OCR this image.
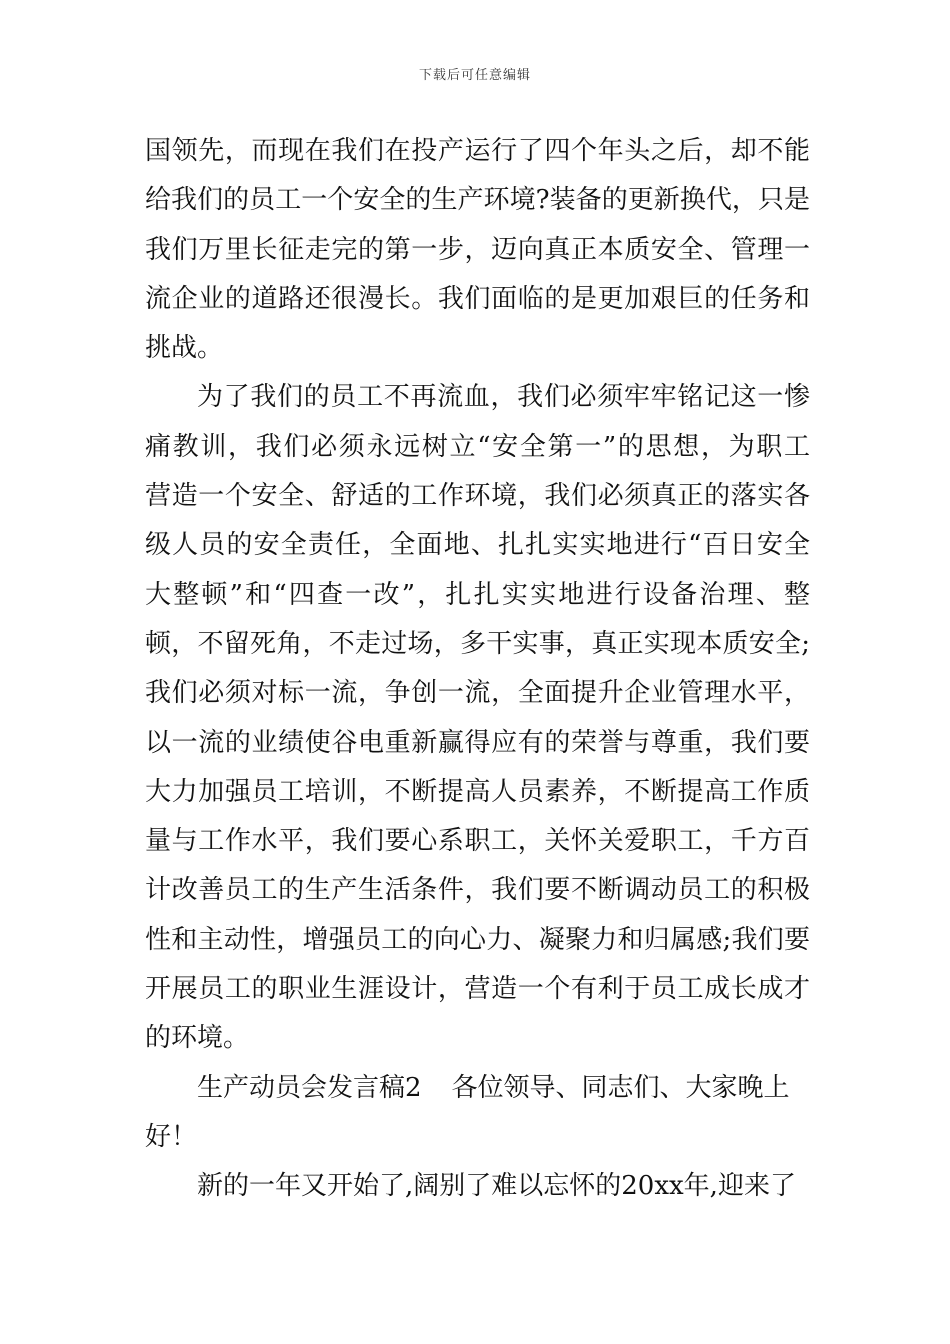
下载后可任意编辑
国领先，而现在我们在投产运行了四个年头之后，却不能
给我们的员工一个安全的生产环境?装备的更新换代，只是
我们万里长征走完的第一步，迈向真正本质安全、管理一
流企业的道路还很漫长。我们面临的是更加艰巨的任务和
挑战。
为了我们的员工不再流血，我们必须牢牢铭记这一惨
痛教训，我们必须永远树立“安全第一”的思想，为职工
营造一个安全、舒适的工作环境，我们必须真正的落实各
级人员的安全责任，全面地、扎扎实实地进行“百日安全
大整顿”和“四查一改”，扎扎实实地进行设备治理、整
顿，不留死角，不走过场，多干实事，真正实现本质安全;
我们必须对标一流，争创一流，全面提升企业管理水平，
以一流的业绩使谷电重新赢得应有的荣誉与尊重，我们要
大力加强员工培训，不断提高人员素养，不断提高工作质
量与工作水平，我们要心系职工，关怀关爱职工，千方百
计改善员工的生产生活条件，我们要不断调动员工的积极
性和主动性，增强员工的向心力、凝聚力和归属感;我们要
开展员工的职业生涯设计，营造一个有利于员工成长成才
的环境。
生产动员会发言稿2 各位领导、同志们、大家晚上
好！
新的一年又开始了,阔别了难以忘怀的20xx年,迎来了
